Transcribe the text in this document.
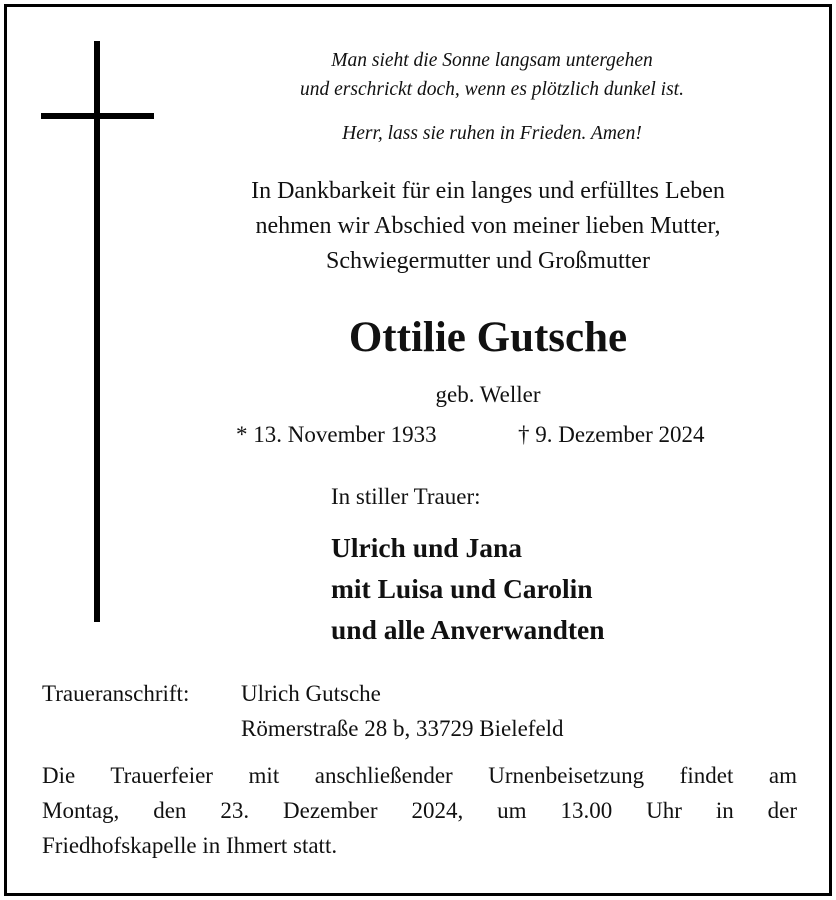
Man sieht die Sonne langsam untergehen
und erschrickt doch, wenn es plötzlich dunkel ist.
Herr, lass sie ruhen in Frieden. Amen!
In Dankbarkeit für ein langes und erfülltes Leben
nehmen wir Abschied von meiner lieben Mutter,
Schwiegermutter und Großmutter
Ottilie Gutsche
geb. Weller
* 13. November 1933	† 9. Dezember 2024
In stiller Trauer:
Ulrich und Jana
mit Luisa und Carolin
und alle Anverwandten
Traueranschrift: Ulrich Gutsche
Römerstraße 28 b, 33729 Bielefeld
Die Trauerfeier mit anschließender Urnenbeisetzung findet am
Montag, den 23. Dezember 2024, um 13.00 Uhr in der
Friedhofskapelle in Ihmert statt.
